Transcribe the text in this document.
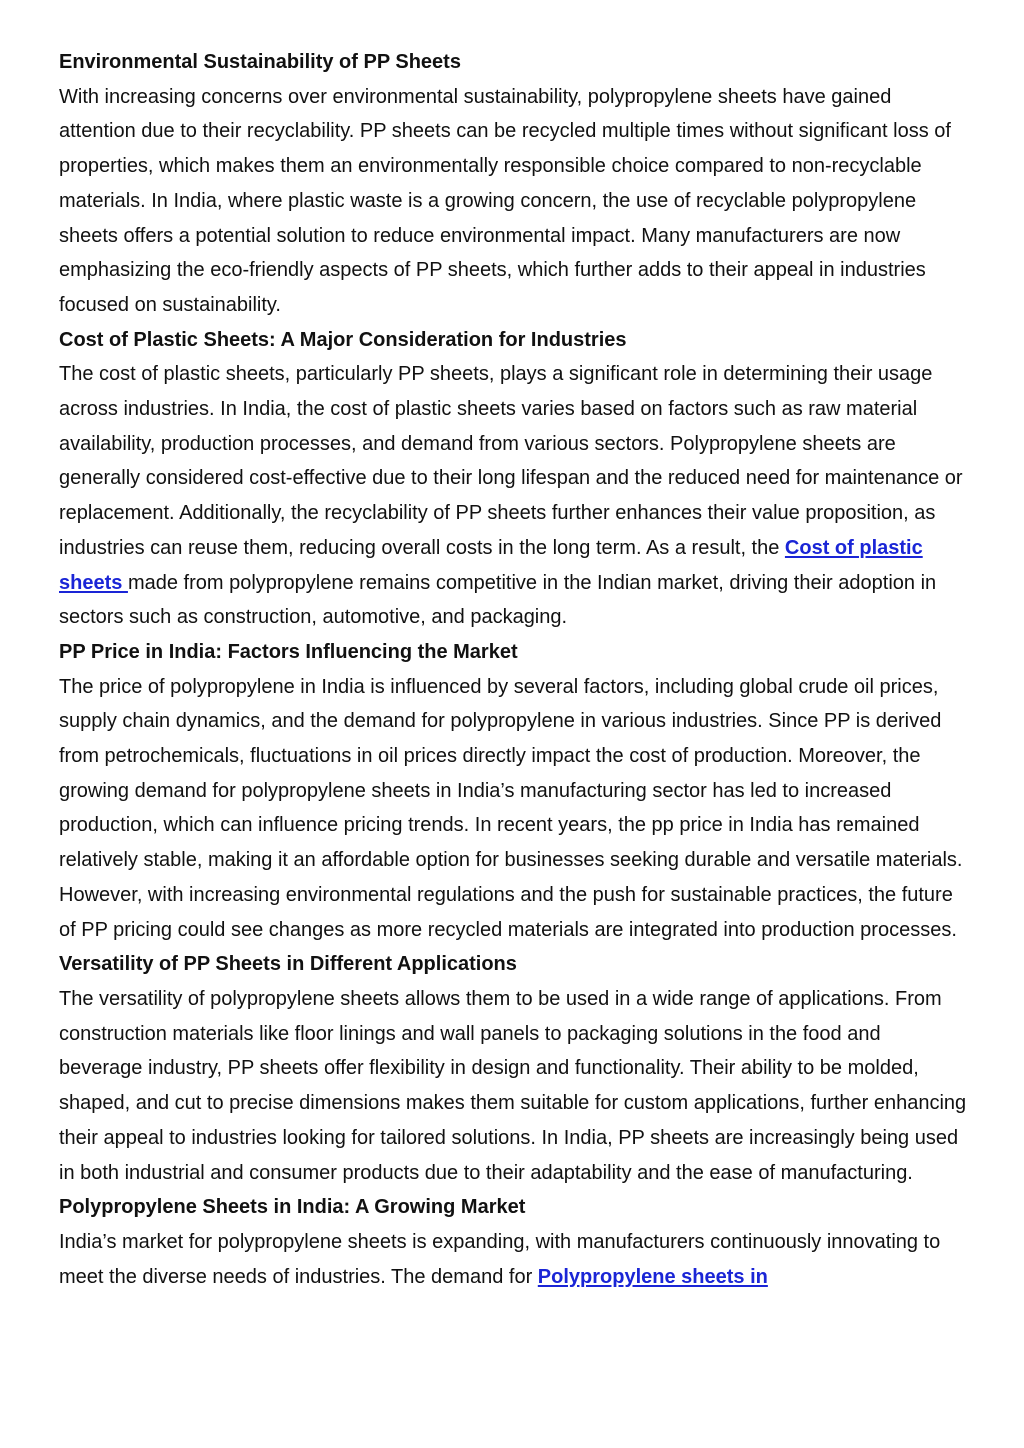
Environmental Sustainability of PP Sheets

With increasing concerns over environmental sustainability, polypropylene sheets have gained attention due to their recyclability. PP sheets can be recycled multiple times without significant loss of properties, which makes them an environmentally responsible choice compared to non-recyclable materials. In India, where plastic waste is a growing concern, the use of recyclable polypropylene sheets offers a potential solution to reduce environmental impact. Many manufacturers are now emphasizing the eco-friendly aspects of PP sheets, which further adds to their appeal in industries focused on sustainability.

Cost of Plastic Sheets: A Major Consideration for Industries

The cost of plastic sheets, particularly PP sheets, plays a significant role in determining their usage across industries. In India, the cost of plastic sheets varies based on factors such as raw material availability, production processes, and demand from various sectors. Polypropylene sheets are generally considered cost-effective due to their long lifespan and the reduced need for maintenance or replacement. Additionally, the recyclability of PP sheets further enhances their value proposition, as industries can reuse them, reducing overall costs in the long term. As a result, the Cost of plastic sheets made from polypropylene remains competitive in the Indian market, driving their adoption in sectors such as construction, automotive, and packaging.

PP Price in India: Factors Influencing the Market

The price of polypropylene in India is influenced by several factors, including global crude oil prices, supply chain dynamics, and the demand for polypropylene in various industries. Since PP is derived from petrochemicals, fluctuations in oil prices directly impact the cost of production. Moreover, the growing demand for polypropylene sheets in India’s manufacturing sector has led to increased production, which can influence pricing trends. In recent years, the pp price in India has remained relatively stable, making it an affordable option for businesses seeking durable and versatile materials. However, with increasing environmental regulations and the push for sustainable practices, the future of PP pricing could see changes as more recycled materials are integrated into production processes.

Versatility of PP Sheets in Different Applications

The versatility of polypropylene sheets allows them to be used in a wide range of applications. From construction materials like floor linings and wall panels to packaging solutions in the food and beverage industry, PP sheets offer flexibility in design and functionality. Their ability to be molded, shaped, and cut to precise dimensions makes them suitable for custom applications, further enhancing their appeal to industries looking for tailored solutions. In India, PP sheets are increasingly being used in both industrial and consumer products due to their adaptability and the ease of manufacturing.

Polypropylene Sheets in India: A Growing Market

India’s market for polypropylene sheets is expanding, with manufacturers continuously innovating to meet the diverse needs of industries. The demand for Polypropylene sheets in
